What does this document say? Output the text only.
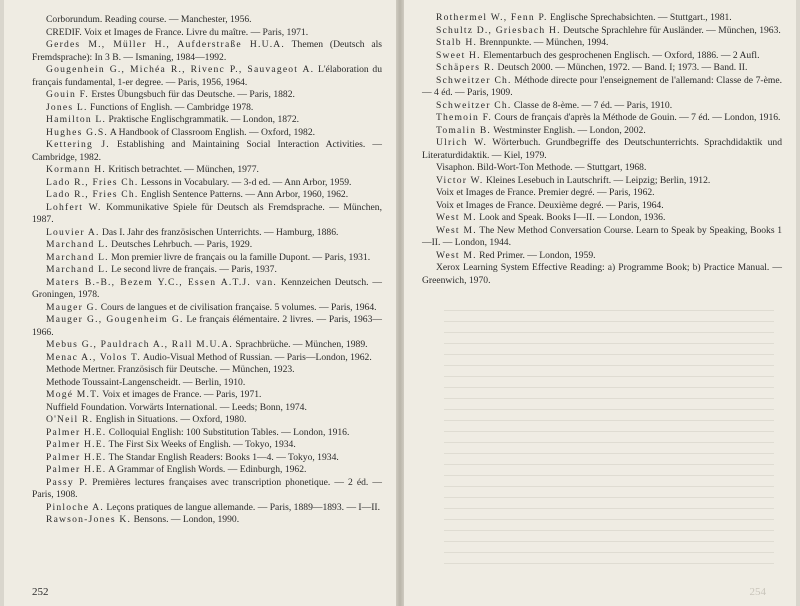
Corborundum. Reading course. — Manchester, 1956.

CREDIF. Voix et Images de France. Livre du maître. — Paris, 1971.

Gerdes M., Müller H., Aufderstraße H.U.A. Themen (Deutsch als Fremdsprache): In 3 B. — Ismaning, 1984—1992.

Gougenhein G., Michéa R., Rivenc P., Sauvageot A. L'élaboration du français fundamental, 1-er degree. — Paris, 1956, 1964.

Gouin F. Erstes Übungsbuch für das Deutsche. — Paris, 1882.

Jones L. Functions of English. — Cambridge 1978.

Hamilton L. Praktische Englischgrammatik. — London, 1872.

Hughes G.S. A Handbook of Classroom English. — Oxford, 1982.

Kettering J. Establishing and Maintaining Social Interaction Activities. — Cambridge, 1982.

Kormann H. Kritisch betrachtet. — München, 1977.

Lado R., Fries Ch. Lessons in Vocabulary. — 3-d ed. — Ann Arbor, 1959.

Lado R., Fries Ch. English Sentence Patterns. — Ann Arbor, 1960, 1962.

Lohfert W. Kommunikative Spiele für Deutsch als Fremdsprache. — München, 1987.

Louvier A. Das I. Jahr des französischen Unterrichts. — Hamburg, 1886.

Marchand L. Deutsches Lehrbuch. — Paris, 1929.

Marchand L. Mon premier livre de français ou la famille Dupont. — Paris, 1931.

Marchand L. Le second livre de français. — Paris, 1937.

Maters B.-B., Bezem Y.C., Essen A.T.J. van. Kennzeichen Deutsch. — Groningen, 1978.

Mauger G. Cours de langues et de civilisation française. 5 volumes. — Paris, 1964.

Mauger G., Gougenheim G. Le français élémentaire. 2 livres. — Paris, 1963—1966.

Mebus G., Pauldrach A., Rall M.U.A. Sprachbrüche. — München, 1989.

Menac A., Volos T. Audio-Visual Method of Russian. — Paris—London, 1962.

Methode Mertner. Französisch für Deutsche. — München, 1923.

Methode Toussaint-Langenscheidt. — Berlin, 1910.

Mogé M.T. Voix et images de France. — Paris, 1971.

Nuffield Foundation. Vorwärts International. — Leeds; Bonn, 1974.

O'Neil R. English in Situations. — Oxford, 1980.

Palmer H.E. Colloquial English: 100 Substitution Tables. — London, 1916.

Palmer H.E. The First Six Weeks of English. — Tokyo, 1934.

Palmer H.E. The Standar English Readers: Books 1—4. — Tokyo, 1934.

Palmer H.E. A Grammar of English Words. — Edinburgh, 1962.

Passy P. Premières lectures françaises avec transcription phonetique. — 2 éd. — Paris, 1908.

Pinloche A. Leçons pratiques de langue allemande. — Paris, 1889—1893. — I—II.

Rawson-Jones K. Bensons. — London, 1990.

252

Rothermel W., Fenn P. Englische Sprechabsichten. — Stuttgart., 1981.

Schultz D., Griesbach H. Deutsche Sprachlehre für Ausländer. — München, 1963.

Stalb H. Brennpunkte. — München, 1994.

Sweet H. Elementarbuch des gesprochenen Englisch. — Oxford, 1886. — 2 Aufl.

Schäpers R. Deutsch 2000. — München, 1972. — Band. I; 1973. — Band. II.

Schweitzer Ch. Méthode directe pour l'enseignement de l'allemand: Classe de 7-ème. — 4 éd. — Paris, 1909.

Schweitzer Ch. Classe de 8-ème. — 7 éd. — Paris, 1910.

Themoin F. Cours de français d'après la Méthode de Gouin. — 7 éd. — London, 1916.

Tomalin B. Westminster English. — London, 2002.

Ulrich W. Wörterbuch. Grundbegriffe des Deutschunterrichts. Sprachdidaktik und Literaturdidaktik. — Kiel, 1979.

Visaphon. Bild-Wort-Ton Methode. — Stuttgart, 1968.

Victor W. Kleines Lesebuch in Lautschrift. — Leipzig; Berlin, 1912.

Voix et Images de France. Premier degré. — Paris, 1962.

Voix et Images de France. Deuxième degré. — Paris, 1964.

West M. Look and Speak. Books I—II. — London, 1936.

West M. The New Method Conversation Course. Learn to Speak by Speaking, Books 1—II. — London, 1944.

West M. Red Primer. — London, 1959.

Xerox Learning System Effective Reading: a) Programme Book; b) Practice Manual. — Greenwich, 1970.

254
